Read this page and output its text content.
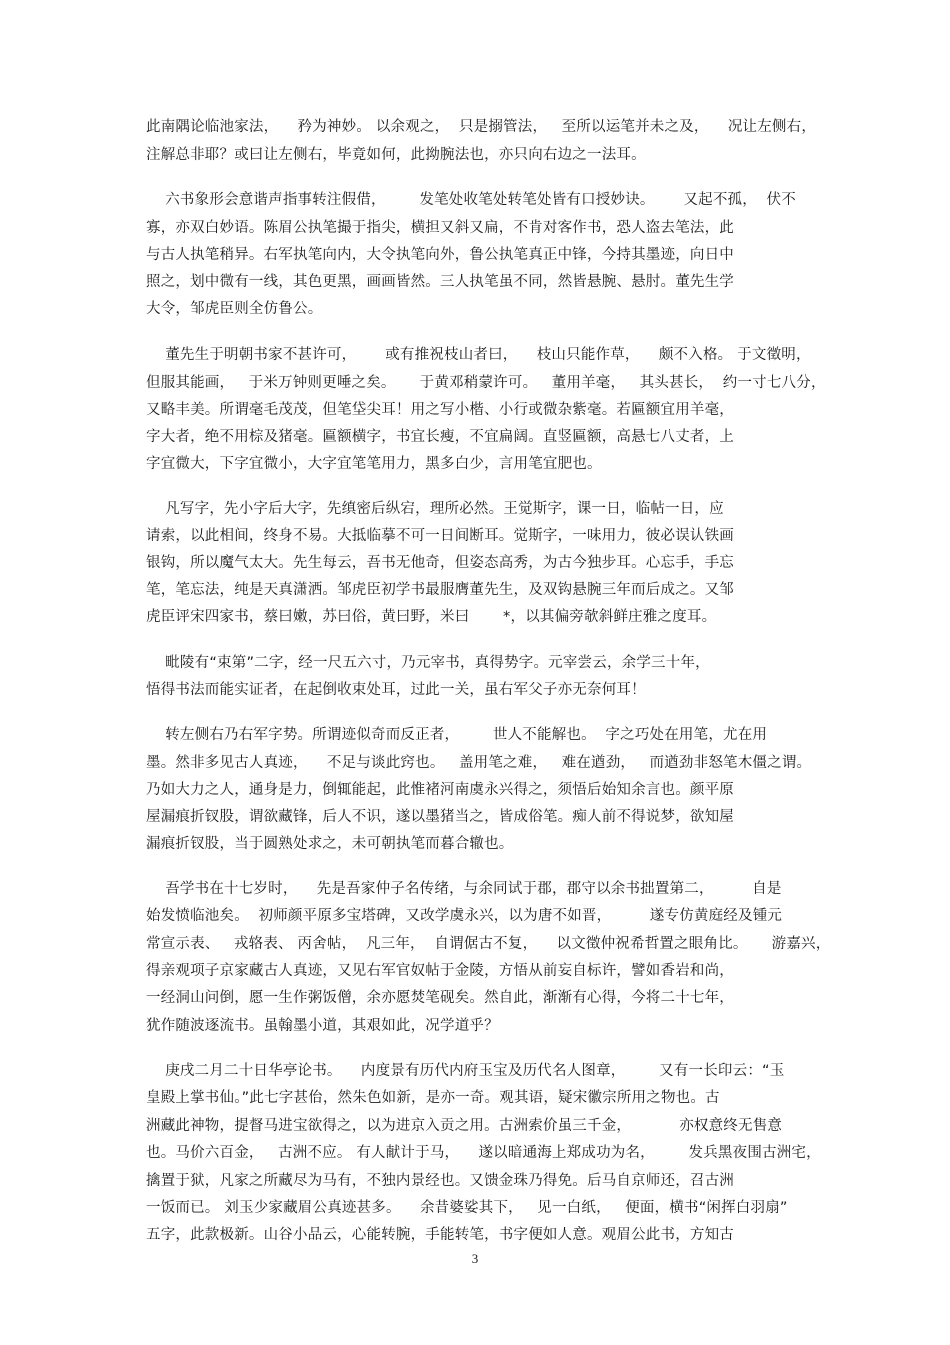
此南隅论临池家法，    矜为神妙。 以余观之，  只是搦管法，   至所以运笔并未之及，    况让左侧右，
注解总非耶？或曰让左侧右，毕竟如何，此拗腕法也，亦只向右边之一法耳。
六书象形会意谐声指事转注假借，       发笔处收笔处转笔处皆有口授妙诀。      又起不孤，  伏不
寡，亦双白妙语。陈眉公执笔撮于指尖，横担又斜又扁，不肯对客作书，恐人盗去笔法，此
与古人执笔稍异。右军执笔向内，大令执笔向外，鲁公执笔真正中锋，今持其墨迹，向日中
照之，划中微有一线，其色更黑，画画皆然。三人执笔虽不同，然皆悬腕、悬肘。董先生学
大令，邹虎臣则全仿鲁公。
董先生于明朝书家不甚许可，      或有推祝枝山者曰，    枝山只能作草，    颇不入格。 于文徵明，
但服其能画，   于米万钟则更唾之矣。     于黄邓稍蒙许可。   董用羊毫，   其头甚长，  约一寸七八分，
又略丰美。所谓毫毛茂茂，但笔垈尖耳！用之写小楷、小行或微杂紫毫。若匾额宜用羊毫，
字大者，绝不用棕及猪毫。匾额横字，书宜长瘦，不宜扁阔。直竖匾额，高悬七八丈者，上
字宜微大，下字宜微小，大字宜笔笔用力，黑多白少，言用笔宜肥也。
凡写字，先小字后大字，先缜密后纵宕，理所必然。王觉斯字，课一日，临帖一日，应
请索，以此相间，终身不易。大抵临摹不可一日间断耳。觉斯字，一味用力，彼必误认铁画
银钩，所以魔气太大。先生每云，吾书无他奇，但姿态高秀，为古今独步耳。心忘手，手忘
笔，笔忘法，纯是天真潇洒。邹虎臣初学书最服膺董先生，及双钩悬腕三年而后成之。又邹
虎臣评宋四家书，蔡曰嫩，苏曰俗，黄曰野，米曰       *，以其偏旁欹斜鲜庄雅之度耳。
毗陵有“束第”二字，经一尺五六寸，乃元宰书，真得势字。元宰尝云，余学三十年，
悟得书法而能实证者，在起倒收束处耳，过此一关，虽右军父子亦无奈何耳！
转左侧右乃右军字势。所谓迹似奇而反正者，       世人不能解也。  字之巧处在用笔，尤在用
墨。然非多见古人真迹，    不足与谈此窍也。   盖用笔之难，   难在遒劲，   而遒劲非怒笔木僵之谓。
乃如大力之人，通身是力，倒辄能起，此惟褚河南虞永兴得之，须悟后始知余言也。颜平原
屋漏痕折钗股，谓欲藏锋，后人不识，遂以墨猪当之，皆成俗笔。痴人前不得说梦，欲知屋
漏痕折钗股，当于圆熟处求之，未可朝执笔而暮合辙也。
吾学书在十七岁时，    先是吾家仲子名传绪，与余同试于郡，郡守以余书拙置第二，        自是
始发愤临池矣。  初师颜平原多宝塔碑，又改学虞永兴，以为唐不如晋，        遂专仿黄庭经及锺元
常宣示表、   戎辂表、 丙舍帖，  凡三年，  自谓倨古不复，    以文徵仲祝希哲置之眼角比。     游嘉兴，
得亲观项子京家藏古人真迹，又见右军官奴帖于金陵，方悟从前妄自标许，譬如香岩和尚，
一经洞山问倒，愿一生作粥饭僧，余亦愿焚笔砚矣。然自此，渐渐有心得，今将二十七年，
犹作随波逐流书。虽翰墨小道，其艰如此，况学道乎？
庚戌二月二十日华亭论书。    内度景有历代内府玉宝及历代名人图章，       又有一长印云：“玉
皇殿上掌书仙。”此七字甚佁，然朱色如新，是亦一奇。观其语，疑宋徽宗所用之物也。古
洲藏此神物，提督马进宝欲得之，以为进京入贡之用。古洲索价虽三千金，          亦权意终无售意
也。马价六百金，   古洲不应。 有人献计于马，    遂以暗通海上郑成功为名，       发兵黑夜围古洲宅，
擒置于狱，凡家之所藏尽为马有，不独内景经也。又馈金珠乃得免。后马自京师还，召古洲
一饭而已。 刘玉少家藏眉公真迹甚多。    余昔婆娑其下，   见一白纸，   便面，横书“闲挥白羽扇”
五字，此款极新。山谷小品云，心能转腕，手能转笔，书字便如人意。观眉公此书，方知古
3
